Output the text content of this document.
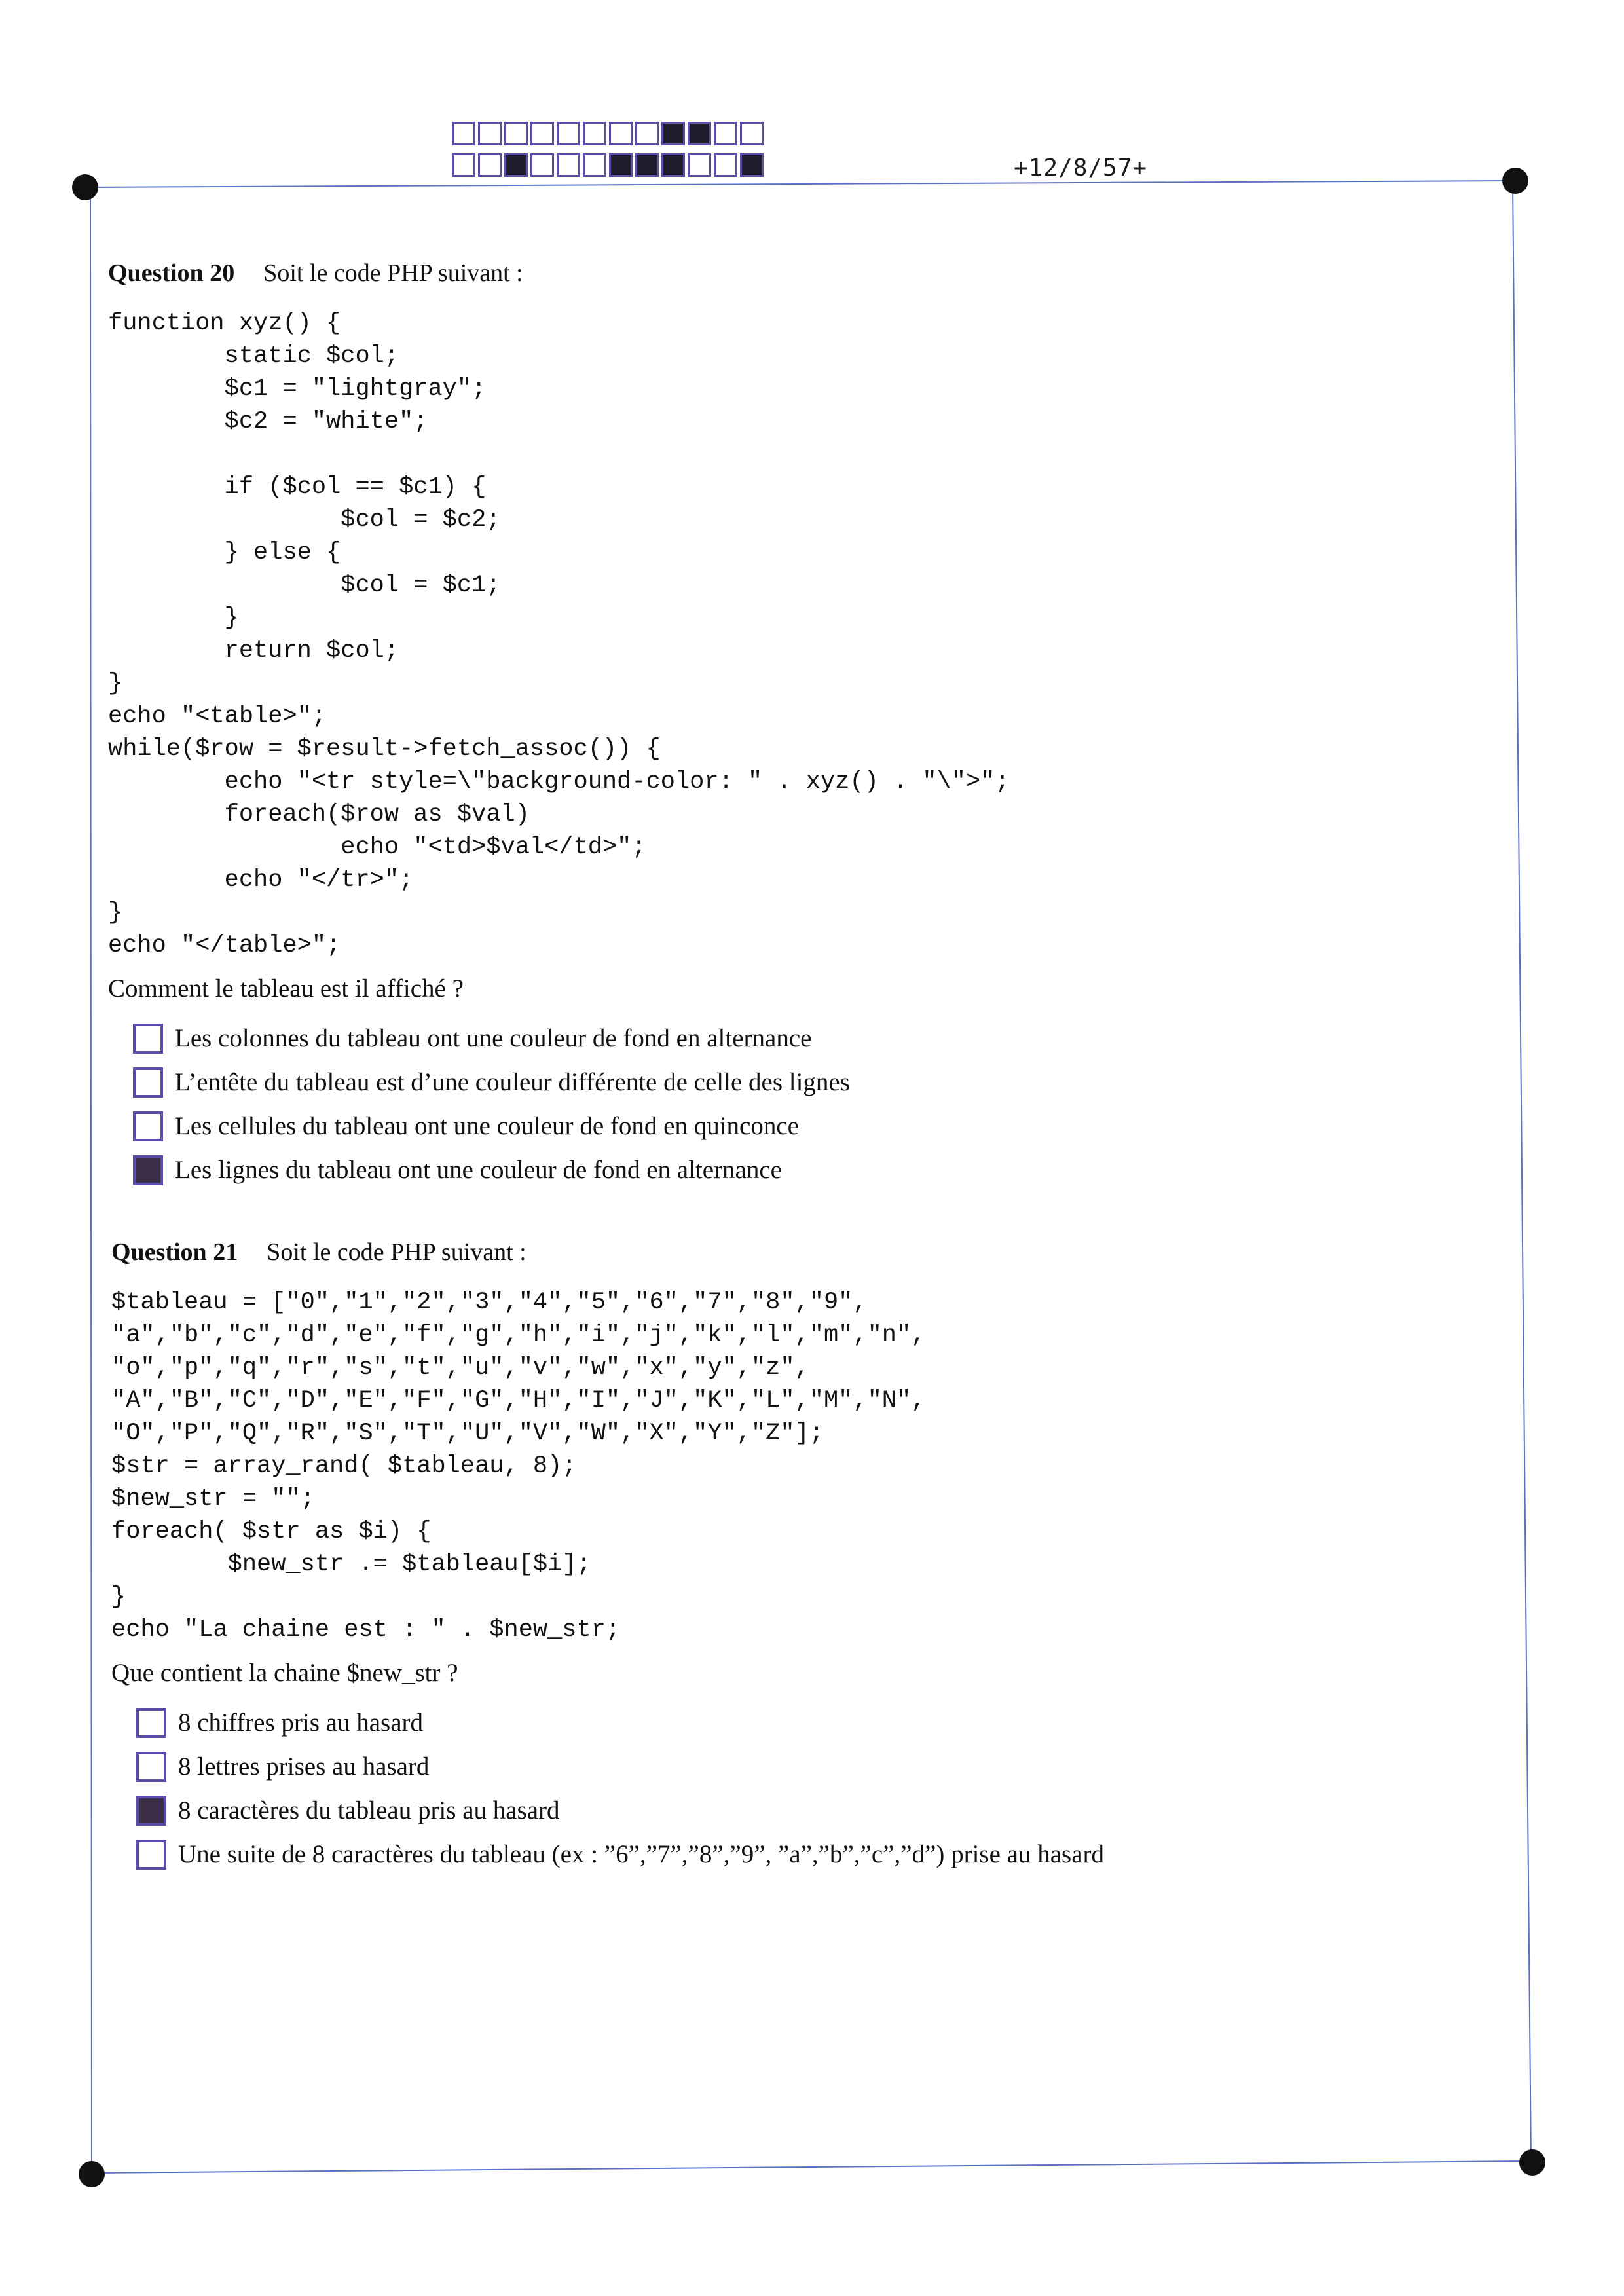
+12/8/57+
Question 20 Soit le code PHP suivant :
function xyz() {
static $col;
$c1 = "lightgray";
$c2 = "white";

if ($col == $c1) {
$col = $c2;
} else {
$col = $c1;
}
return $col;
}
echo "<table>";
while($row = $result->fetch_assoc()) {
echo "<tr style=\"background-color: " . xyz() . "\">";
foreach($row as $val)
echo "<td>$val</td>";
echo "</tr>";
}
echo "</table>";
Comment le tableau est il affiché ?
Les colonnes du tableau ont une couleur de fond en alternance
L’entête du tableau est d’une couleur différente de celle des lignes
Les cellules du tableau ont une couleur de fond en quinconce
Les lignes du tableau ont une couleur de fond en alternance
Question 21 Soit le code PHP suivant :
$tableau = ["0","1","2","3","4","5","6","7","8","9",
"a","b","c","d","e","f","g","h","i","j","k","l","m","n",
"o","p","q","r","s","t","u","v","w","x","y","z",
"A","B","C","D","E","F","G","H","I","J","K","L","M","N",
"O","P","Q","R","S","T","U","V","W","X","Y","Z"];
$str = array_rand( $tableau, 8);
$new_str = "";
foreach( $str as $i) {
$new_str .= $tableau[$i];
}
echo "La chaine est : " . $new_str;
Que contient la chaine $new_str ?
8 chiffres pris au hasard
8 lettres prises au hasard
8 caractères du tableau pris au hasard
Une suite de 8 caractères du tableau (ex : ”6”,”7”,”8”,”9”, ”a”,”b”,”c”,”d”) prise au hasard
